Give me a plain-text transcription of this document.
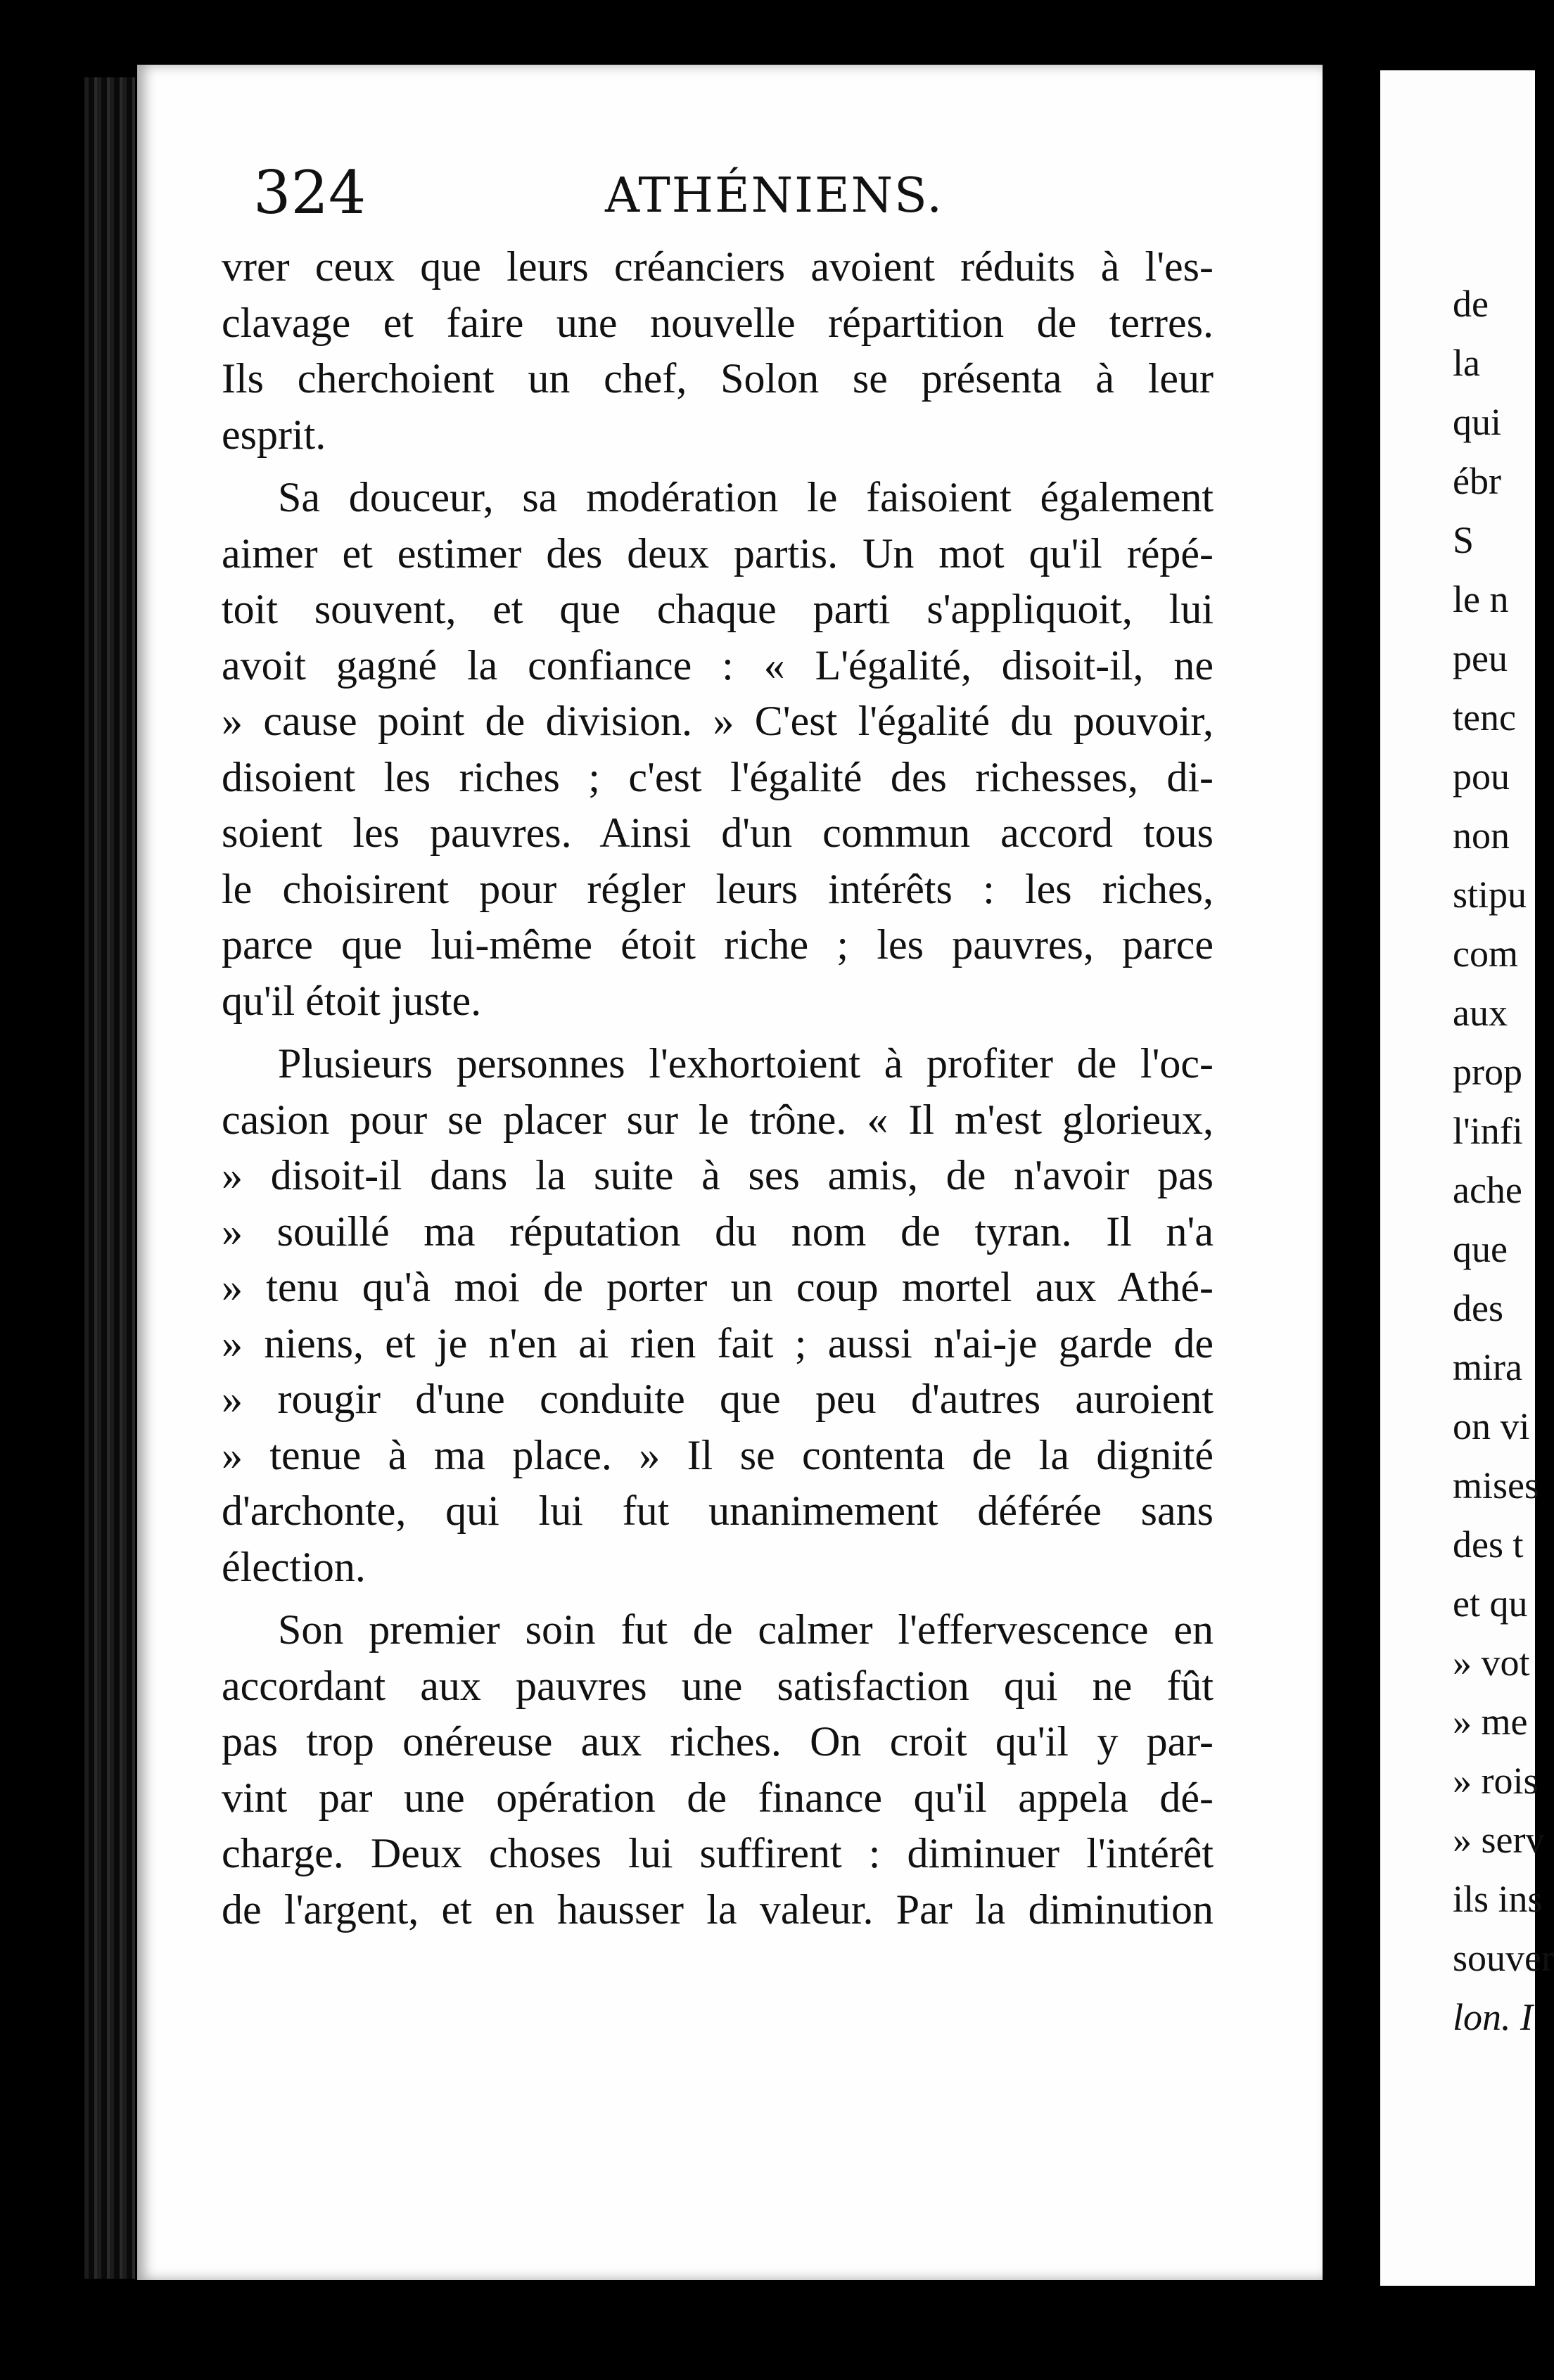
324	ATHÉNIENS.
vrer ceux que leurs créanciers avoient réduits à l'es-
clavage et faire une nouvelle répartition de terres.
Ils cherchoient un chef, Solon se présenta à leur
esprit.
Sa douceur, sa modération le faisoient également
aimer et estimer des deux partis. Un mot qu'il répé-
toit souvent, et que chaque parti s'appliquoit, lui
avoit gagné la confiance : « L'égalité, disoit-il, ne
» cause point de division. » C'est l'égalité du pouvoir,
disoient les riches ; c'est l'égalité des richesses, di-
soient les pauvres. Ainsi d'un commun accord tous
le choisirent pour régler leurs intérêts : les riches,
parce que lui-même étoit riche ; les pauvres, parce
qu'il étoit juste.
Plusieurs personnes l'exhortoient à profiter de l'oc-
casion pour se placer sur le trône. « Il m'est glorieux,
» disoit-il dans la suite à ses amis, de n'avoir pas
» souillé ma réputation du nom de tyran. Il n'a
» tenu qu'à moi de porter un coup mortel aux Athé-
» niens, et je n'en ai rien fait ; aussi n'ai-je garde de
» rougir d'une conduite que peu d'autres auroient
» tenue à ma place. » Il se contenta de la dignité
d'archonte, qui lui fut unanimement déférée sans
élection.
Son premier soin fut de calmer l'effervescence en
accordant aux pauvres une satisfaction qui ne fût
pas trop onéreuse aux riches. On croit qu'il y par-
vint par une opération de finance qu'il appela dé-
charge. Deux choses lui suffirent : diminuer l'intérêt
de l'argent, et en hausser la valeur. Par la diminution
de
la
qui
ébr
S
le n
peu
tenc
pou
non
stipu
com
aux
prop
l'infi
ache
que
des
mira
on vi
mises
des t
et qu
» vot
» me
» rois
» serv
ils ins
souver
lon. I
